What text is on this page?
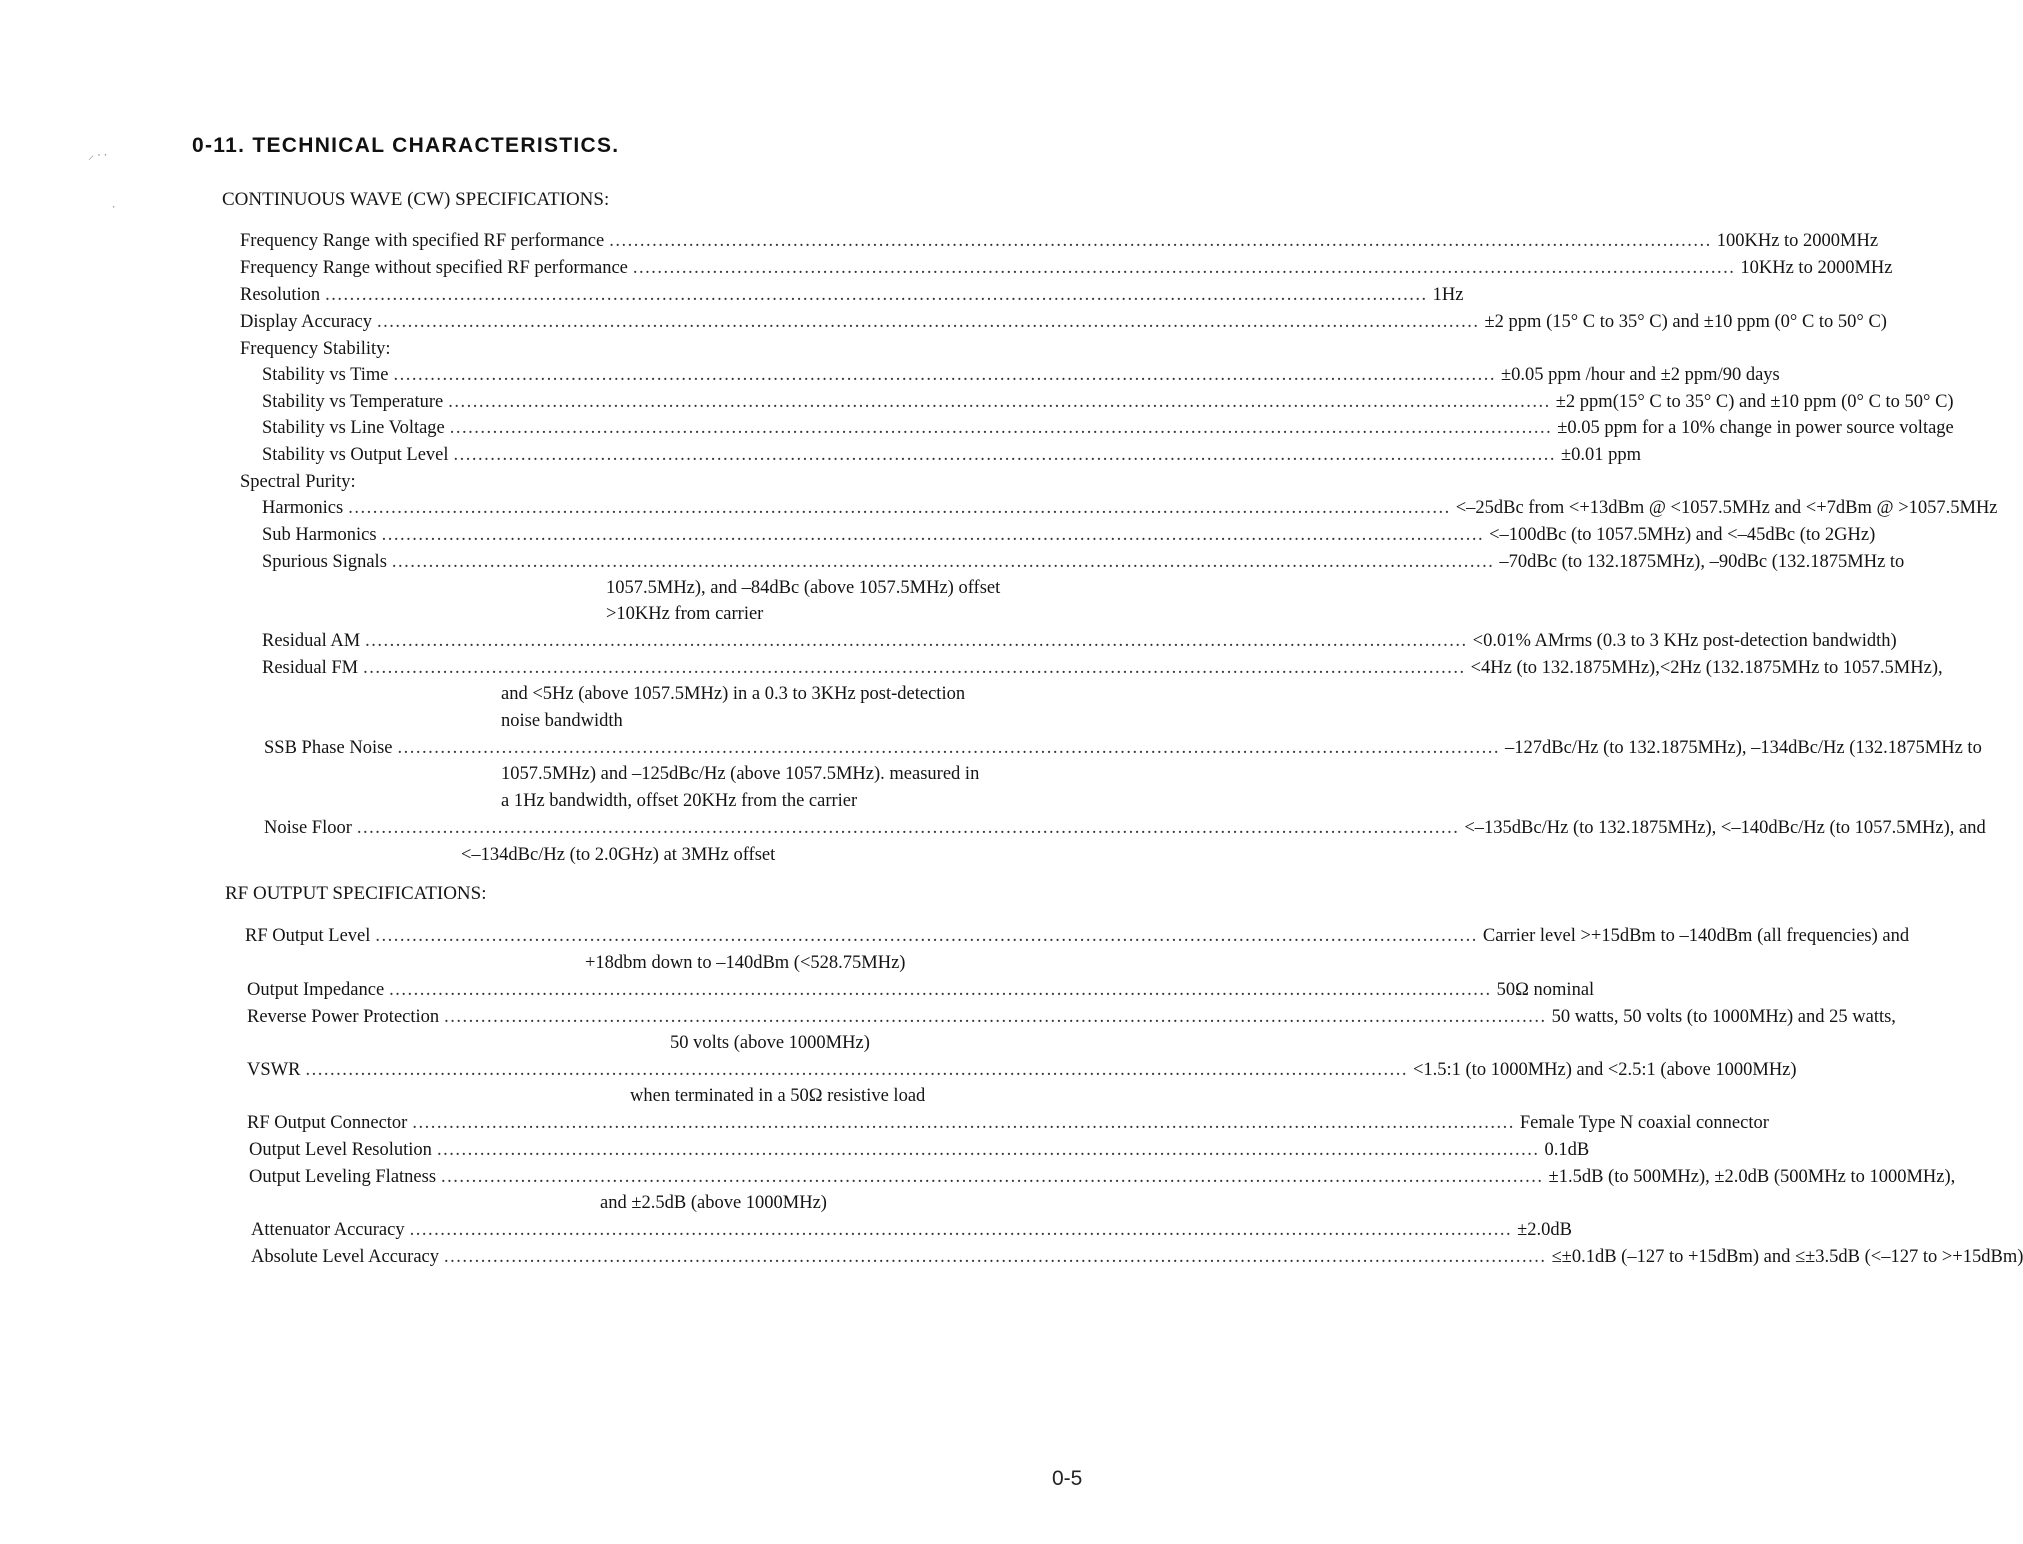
⸝ ⸱ ⸱
⸱
0-11. TECHNICAL CHARACTERISTICS.
CONTINUOUS WAVE (CW) SPECIFICATIONS:
Frequency Range with specified RF performance .................................................................................................................................................................................... 100KHz to 2000MHz
Frequency Range without specified RF performance .................................................................................................................................................................................... 10KHz to 2000MHz
Resolution .................................................................................................................................................................................... 1Hz
Display Accuracy .................................................................................................................................................................................... ±2 ppm (15° C to 35° C) and ±10 ppm (0° C to 50° C)
Frequency Stability:
Stability vs Time .................................................................................................................................................................................... ±0.05 ppm /hour and ±2 ppm/90 days
Stability vs Temperature .................................................................................................................................................................................... ±2 ppm(15° C to 35° C) and ±10 ppm (0° C to 50° C)
Stability vs Line Voltage .................................................................................................................................................................................... ±0.05 ppm for a 10% change in power source voltage
Stability vs Output Level .................................................................................................................................................................................... ±0.01 ppm
Spectral Purity:
Harmonics .................................................................................................................................................................................... <–25dBc from <+13dBm @ <1057.5MHz and <+7dBm @ >1057.5MHz
Sub Harmonics .................................................................................................................................................................................... <–100dBc (to 1057.5MHz) and <–45dBc (to 2GHz)
Spurious Signals .................................................................................................................................................................................... –70dBc (to 132.1875MHz), –90dBc (132.1875MHz to
1057.5MHz), and –84dBc (above 1057.5MHz) offset
>10KHz from carrier
Residual AM .................................................................................................................................................................................... <0.01% AMrms (0.3 to 3 KHz post-detection bandwidth)
Residual FM .................................................................................................................................................................................... <4Hz (to 132.1875MHz),<2Hz (132.1875MHz to 1057.5MHz),
and <5Hz (above 1057.5MHz) in a 0.3 to 3KHz post-detection
noise bandwidth
SSB Phase Noise .................................................................................................................................................................................... –127dBc/Hz (to 132.1875MHz), –134dBc/Hz (132.1875MHz to
1057.5MHz) and –125dBc/Hz (above 1057.5MHz). measured in
a 1Hz bandwidth, offset 20KHz from the carrier
Noise Floor .................................................................................................................................................................................... <–135dBc/Hz (to 132.1875MHz), <–140dBc/Hz (to 1057.5MHz), and
<–134dBc/Hz (to 2.0GHz) at 3MHz offset
RF OUTPUT SPECIFICATIONS:
RF Output Level .................................................................................................................................................................................... Carrier level >+15dBm to –140dBm (all frequencies) and
+18dbm down to –140dBm (<528.75MHz)
Output Impedance .................................................................................................................................................................................... 50Ω nominal
Reverse Power Protection .................................................................................................................................................................................... 50 watts, 50 volts (to 1000MHz) and 25 watts,
50 volts (above 1000MHz)
VSWR .................................................................................................................................................................................... <1.5:1 (to 1000MHz) and <2.5:1 (above 1000MHz)
when terminated in a 50Ω resistive load
RF Output Connector .................................................................................................................................................................................... Female Type N coaxial connector
Output Level Resolution .................................................................................................................................................................................... 0.1dB
Output Leveling Flatness .................................................................................................................................................................................... ±1.5dB (to 500MHz), ±2.0dB (500MHz to 1000MHz),
and ±2.5dB (above 1000MHz)
Attenuator Accuracy .................................................................................................................................................................................... ±2.0dB
Absolute Level Accuracy .................................................................................................................................................................................... ≤±0.1dB (–127 to +15dBm) and ≤±3.5dB (<–127 to >+15dBm)
0-5
